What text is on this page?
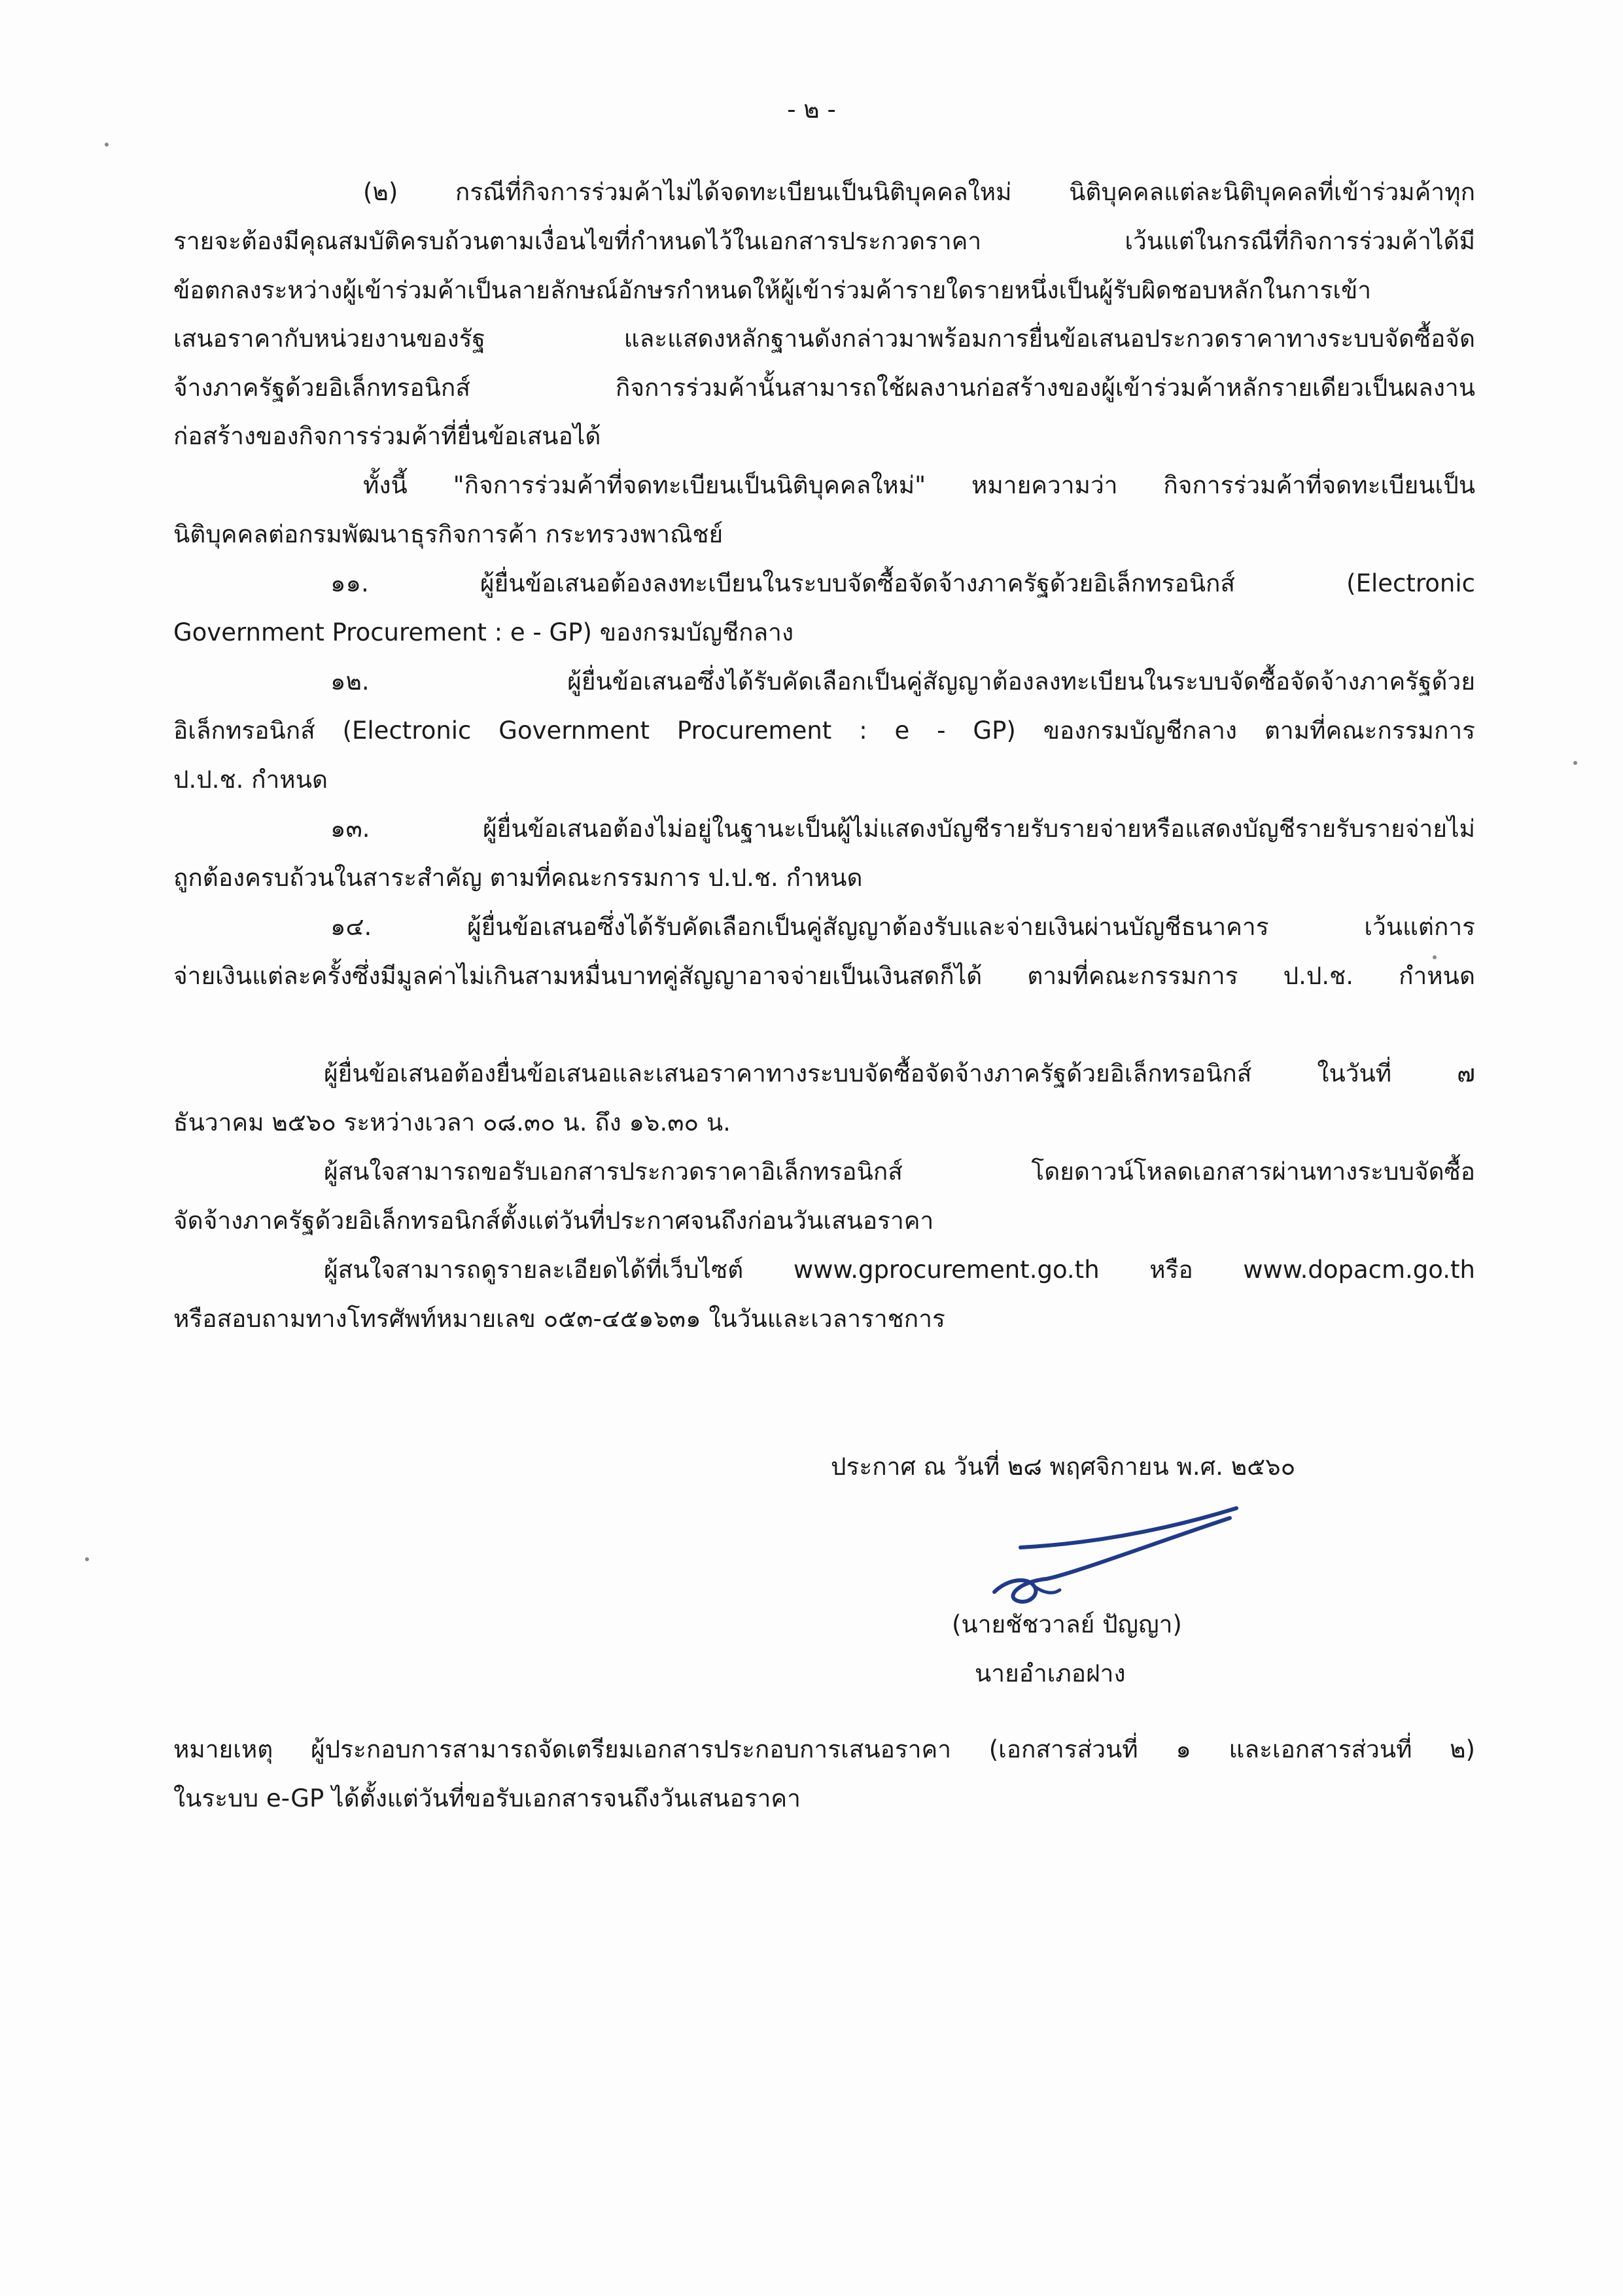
- ๒ -
(๒) กรณีที่กิจการร่วมค้าไม่ได้จดทะเบียนเป็นนิติบุคคลใหม่ นิติบุคคลแต่ละนิติบุคคลที่เข้าร่วมค้าทุก
รายจะต้องมีคุณสมบัติครบถ้วนตามเงื่อนไขที่กำหนดไว้ในเอกสารประกวดราคา เว้นแต่ในกรณีที่กิจการร่วมค้าได้มี
ข้อตกลงระหว่างผู้เข้าร่วมค้าเป็นลายลักษณ์อักษรกำหนดให้ผู้เข้าร่วมค้ารายใดรายหนึ่งเป็นผู้รับผิดชอบหลักในการเข้า
เสนอราคากับหน่วยงานของรัฐ และแสดงหลักฐานดังกล่าวมาพร้อมการยื่นข้อเสนอประกวดราคาทางระบบจัดซื้อจัด
จ้างภาครัฐด้วยอิเล็กทรอนิกส์ กิจการร่วมค้านั้นสามารถใช้ผลงานก่อสร้างของผู้เข้าร่วมค้าหลักรายเดียวเป็นผลงาน
ก่อสร้างของกิจการร่วมค้าที่ยื่นข้อเสนอได้
ทั้งนี้ "กิจการร่วมค้าที่จดทะเบียนเป็นนิติบุคคลใหม่" หมายความว่า กิจการร่วมค้าที่จดทะเบียนเป็น
นิติบุคคลต่อกรมพัฒนาธุรกิจการค้า กระทรวงพาณิชย์
๑๑. ผู้ยื่นข้อเสนอต้องลงทะเบียนในระบบจัดซื้อจัดจ้างภาครัฐด้วยอิเล็กทรอนิกส์ (Electronic
Government Procurement : e - GP) ของกรมบัญชีกลาง
๑๒. ผู้ยื่นข้อเสนอซึ่งได้รับคัดเลือกเป็นคู่สัญญาต้องลงทะเบียนในระบบจัดซื้อจัดจ้างภาครัฐด้วย
อิเล็กทรอนิกส์ (Electronic Government Procurement : e - GP) ของกรมบัญชีกลาง ตามที่คณะกรรมการ
ป.ป.ช. กำหนด
๑๓. ผู้ยื่นข้อเสนอต้องไม่อยู่ในฐานะเป็นผู้ไม่แสดงบัญชีรายรับรายจ่ายหรือแสดงบัญชีรายรับรายจ่ายไม่
ถูกต้องครบถ้วนในสาระสำคัญ ตามที่คณะกรรมการ ป.ป.ช. กำหนด
๑๔. ผู้ยื่นข้อเสนอซึ่งได้รับคัดเลือกเป็นคู่สัญญาต้องรับและจ่ายเงินผ่านบัญชีธนาคาร เว้นแต่การ
จ่ายเงินแต่ละครั้งซึ่งมีมูลค่าไม่เกินสามหมื่นบาทคู่สัญญาอาจจ่ายเป็นเงินสดก็ได้ ตามที่คณะกรรมการ ป.ป.ช. กำหนด
ผู้ยื่นข้อเสนอต้องยื่นข้อเสนอและเสนอราคาทางระบบจัดซื้อจัดจ้างภาครัฐด้วยอิเล็กทรอนิกส์ ในวันที่ ๗
ธันวาคม ๒๕๖๐ ระหว่างเวลา ๐๘.๓๐ น. ถึง ๑๖.๓๐ น.
ผู้สนใจสามารถขอรับเอกสารประกวดราคาอิเล็กทรอนิกส์ โดยดาวน์โหลดเอกสารผ่านทางระบบจัดซื้อ
จัดจ้างภาครัฐด้วยอิเล็กทรอนิกส์ตั้งแต่วันที่ประกาศจนถึงก่อนวันเสนอราคา
ผู้สนใจสามารถดูรายละเอียดได้ที่เว็บไซต์ www.gprocurement.go.th หรือ www.dopacm.go.th
หรือสอบถามทางโทรศัพท์หมายเลข ๐๕๓-๔๕๑๖๓๑ ในวันและเวลาราชการ
ประกาศ ณ วันที่ ๒๘ พฤศจิกายน พ.ศ. ๒๕๖๐
(นายชัชวาลย์ ปัญญา)
นายอำเภอฝาง
หมายเหตุ ผู้ประกอบการสามารถจัดเตรียมเอกสารประกอบการเสนอราคา (เอกสารส่วนที่ ๑ และเอกสารส่วนที่ ๒)
ในระบบ e-GP ได้ตั้งแต่วันที่ขอรับเอกสารจนถึงวันเสนอราคา
